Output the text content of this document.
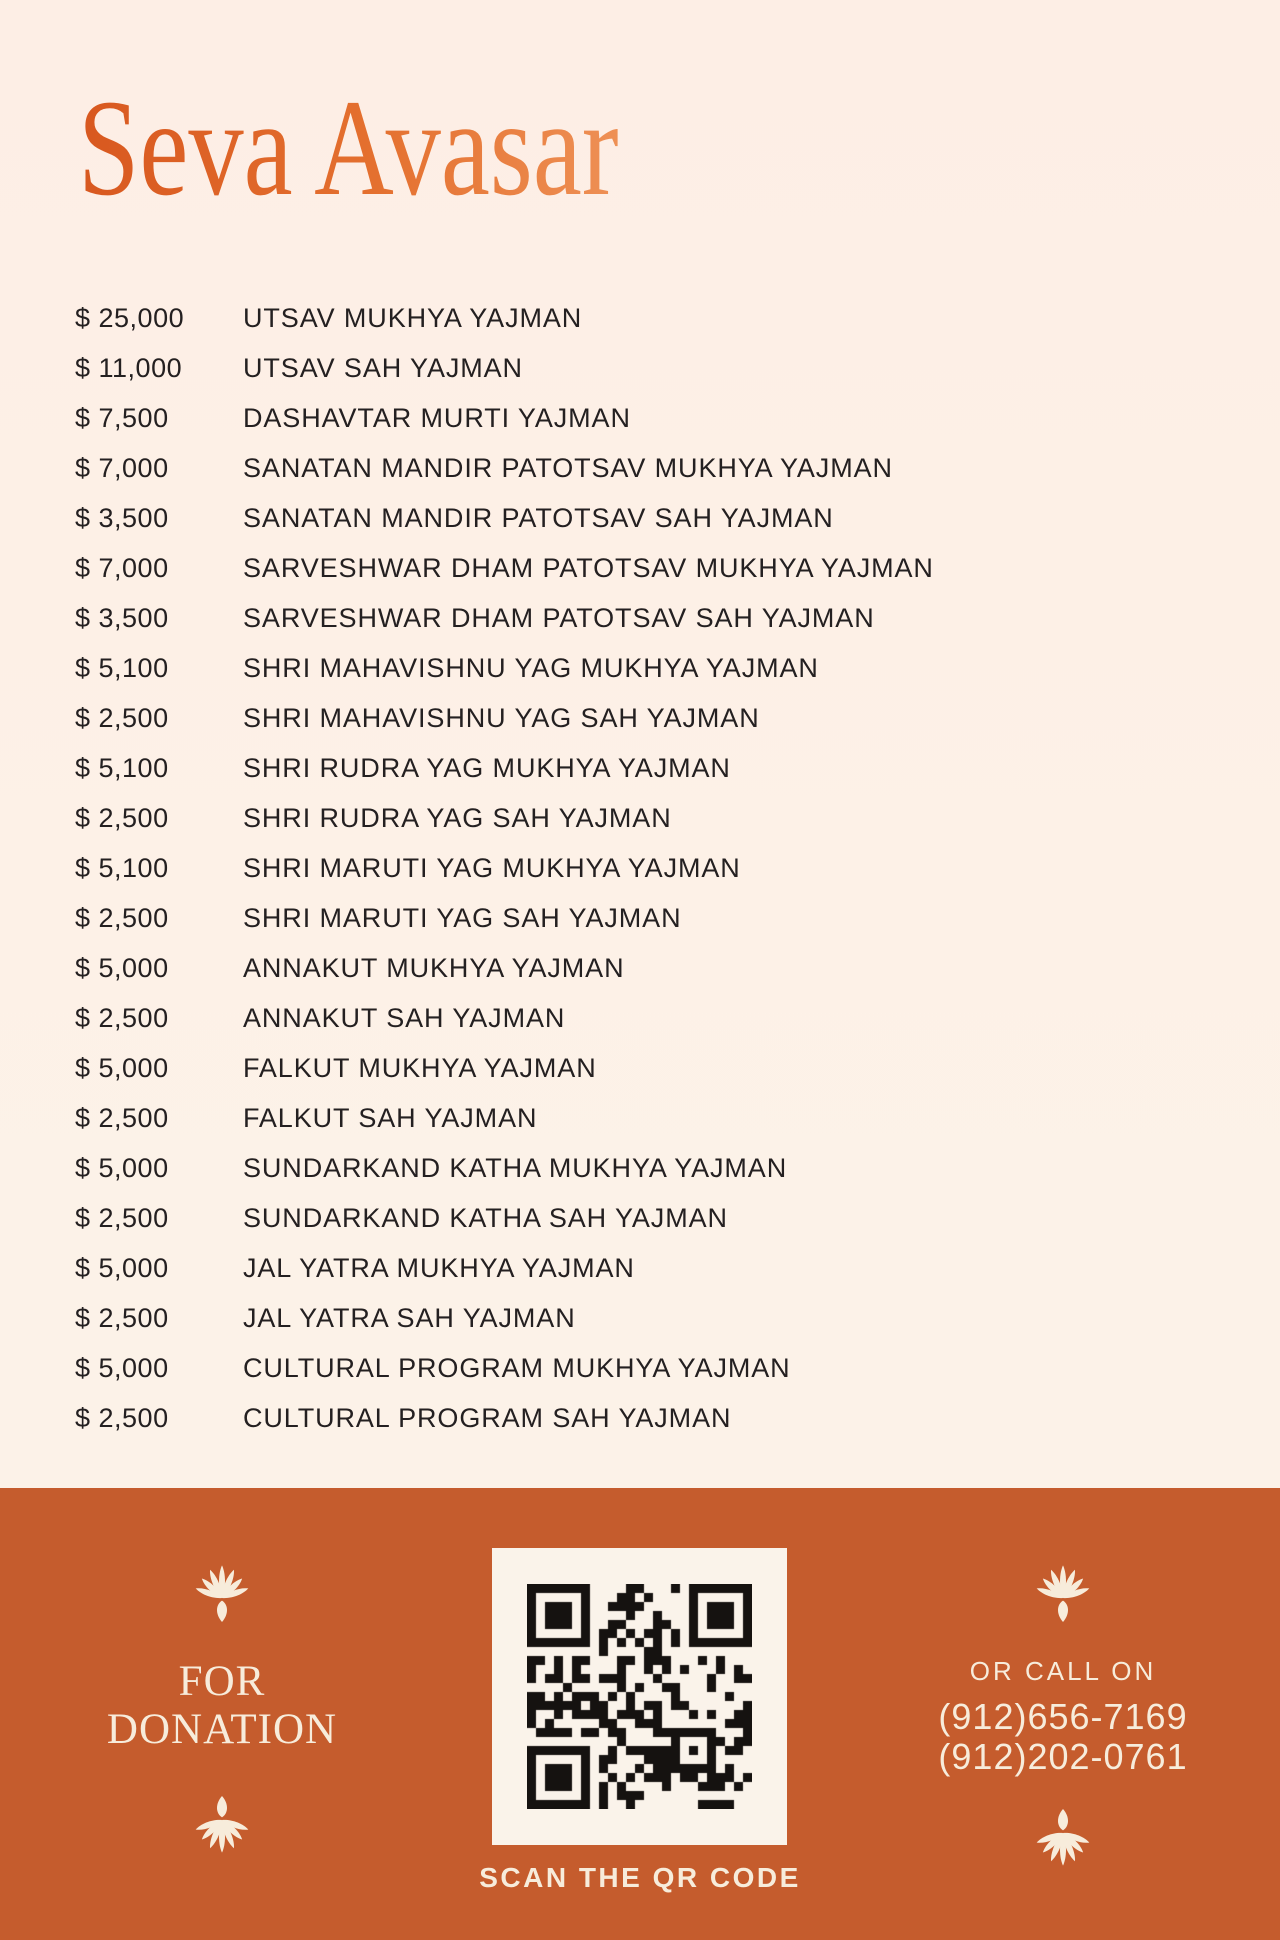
Seva Avasar
$ 25,000	UTSAV MUKHYA YAJMAN
$ 11,000	UTSAV SAH YAJMAN
$ 7,500	DASHAVTAR MURTI YAJMAN
$ 7,000	SANATAN MANDIR PATOTSAV MUKHYA YAJMAN
$ 3,500	SANATAN MANDIR PATOTSAV SAH YAJMAN
$ 7,000	SARVESHWAR DHAM PATOTSAV MUKHYA YAJMAN
$ 3,500	SARVESHWAR DHAM PATOTSAV SAH YAJMAN
$ 5,100	SHRI MAHAVISHNU YAG MUKHYA YAJMAN
$ 2,500	SHRI MAHAVISHNU YAG SAH YAJMAN
$ 5,100	SHRI RUDRA YAG MUKHYA YAJMAN
$ 2,500	SHRI RUDRA YAG SAH YAJMAN
$ 5,100	SHRI MARUTI YAG MUKHYA YAJMAN
$ 2,500	SHRI MARUTI YAG SAH YAJMAN
$ 5,000	ANNAKUT MUKHYA YAJMAN
$ 2,500	ANNAKUT SAH YAJMAN
$ 5,000	FALKUT MUKHYA YAJMAN
$ 2,500	FALKUT SAH YAJMAN
$ 5,000	SUNDARKAND KATHA MUKHYA YAJMAN
$ 2,500	SUNDARKAND KATHA SAH YAJMAN
$ 5,000	JAL YATRA MUKHYA YAJMAN
$ 2,500	JAL YATRA SAH YAJMAN
$ 5,000	CULTURAL PROGRAM MUKHYA YAJMAN
$ 2,500	CULTURAL PROGRAM SAH YAJMAN
FOR
DONATION
SCAN THE QR CODE
OR CALL ON
(912)656-7169
(912)202-0761
